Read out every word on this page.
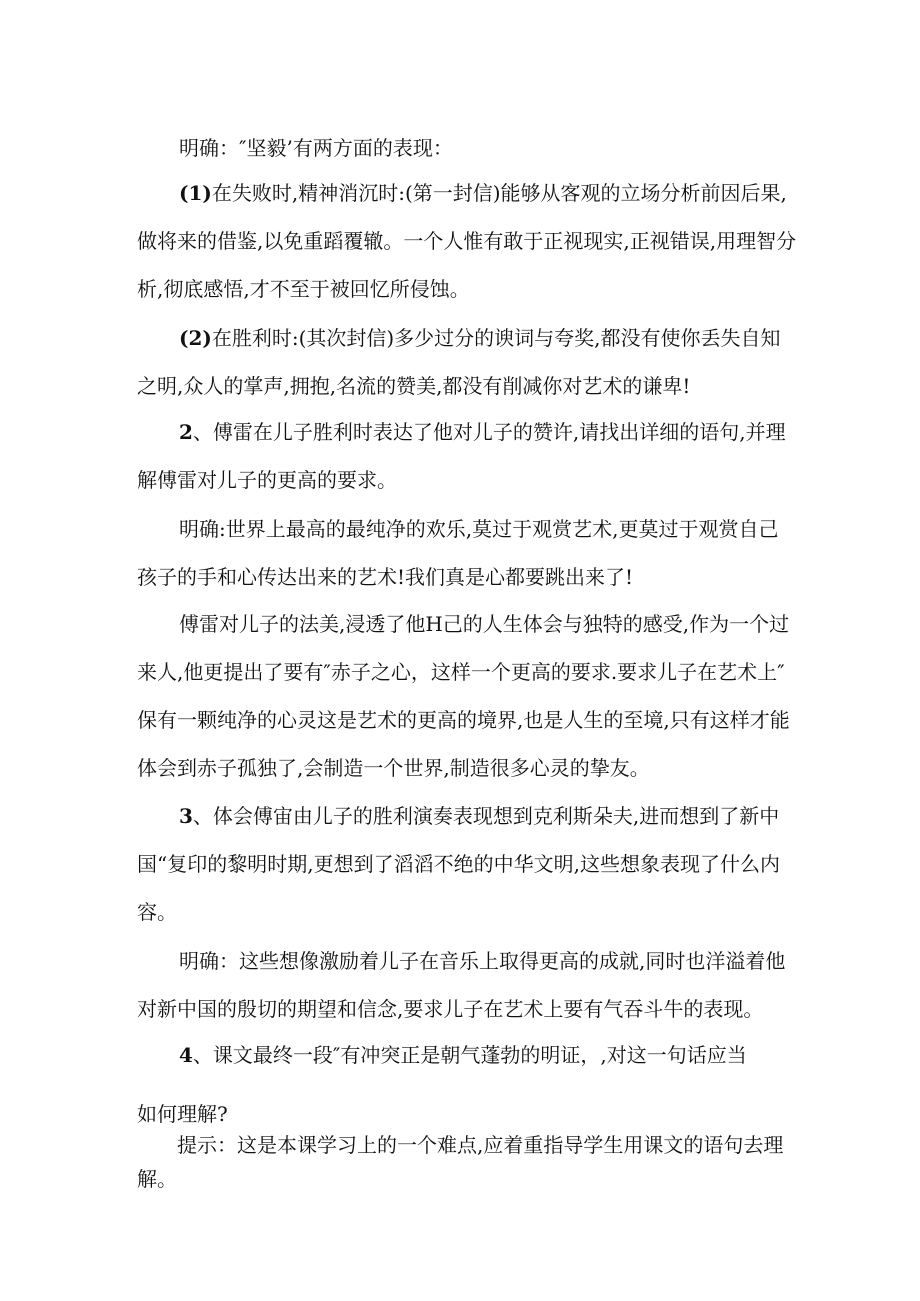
明确：″坚毅’有两方面的表现：

(1)在失败时,精神消沉时:(第一封信)能够从客观的立场分析前因后果,做将来的借鉴,以免重蹈覆辙。一个人惟有敢于正视现实,正视错误,用理智分析,彻底感悟,才不至于被回忆所侵蚀。

(2)在胜利时:(其次封信)多少过分的谀词与夸奖,都没有使你丢失自知之明,众人的掌声,拥抱,名流的赞美,都没有削减你对艺术的谦卑!

2、傅雷在儿子胜利时表达了他对儿子的赞许,请找出详细的语句,并理解傅雷对儿子的更高的要求。

明确:世界上最高的最纯净的欢乐,莫过于观赏艺术,更莫过于观赏自己孩子的手和心传达出来的艺术!我们真是心都要跳出来了!

傅雷对儿子的法美,浸透了他H己的人生体会与独特的感受,作为一个过来人,他更提出了要有″赤子之心，这样一个更高的要求.要求儿子在艺术上″保有一颗纯净的心灵这是艺术的更高的境界,也是人生的至境,只有这样才能体会到赤子孤独了,会制造一个世界,制造很多心灵的挚友。

3、体会傅宙由儿子的胜利演奏表现想到克利斯朵夫,进而想到了新中国“复印的黎明时期,更想到了滔滔不绝的中华文明,这些想象表现了什么内容。

明确：这些想像激励着儿子在音乐上取得更高的成就,同时也洋溢着他对新中国的殷切的期望和信念,要求儿子在艺术上要有气吞斗牛的表现。

4、课文最终一段″有冲突正是朝气蓬勃的明证，,对这一句话应当

如何理解?

提示：这是本课学习上的一个难点,应着重指导学生用课文的语句去理解。
